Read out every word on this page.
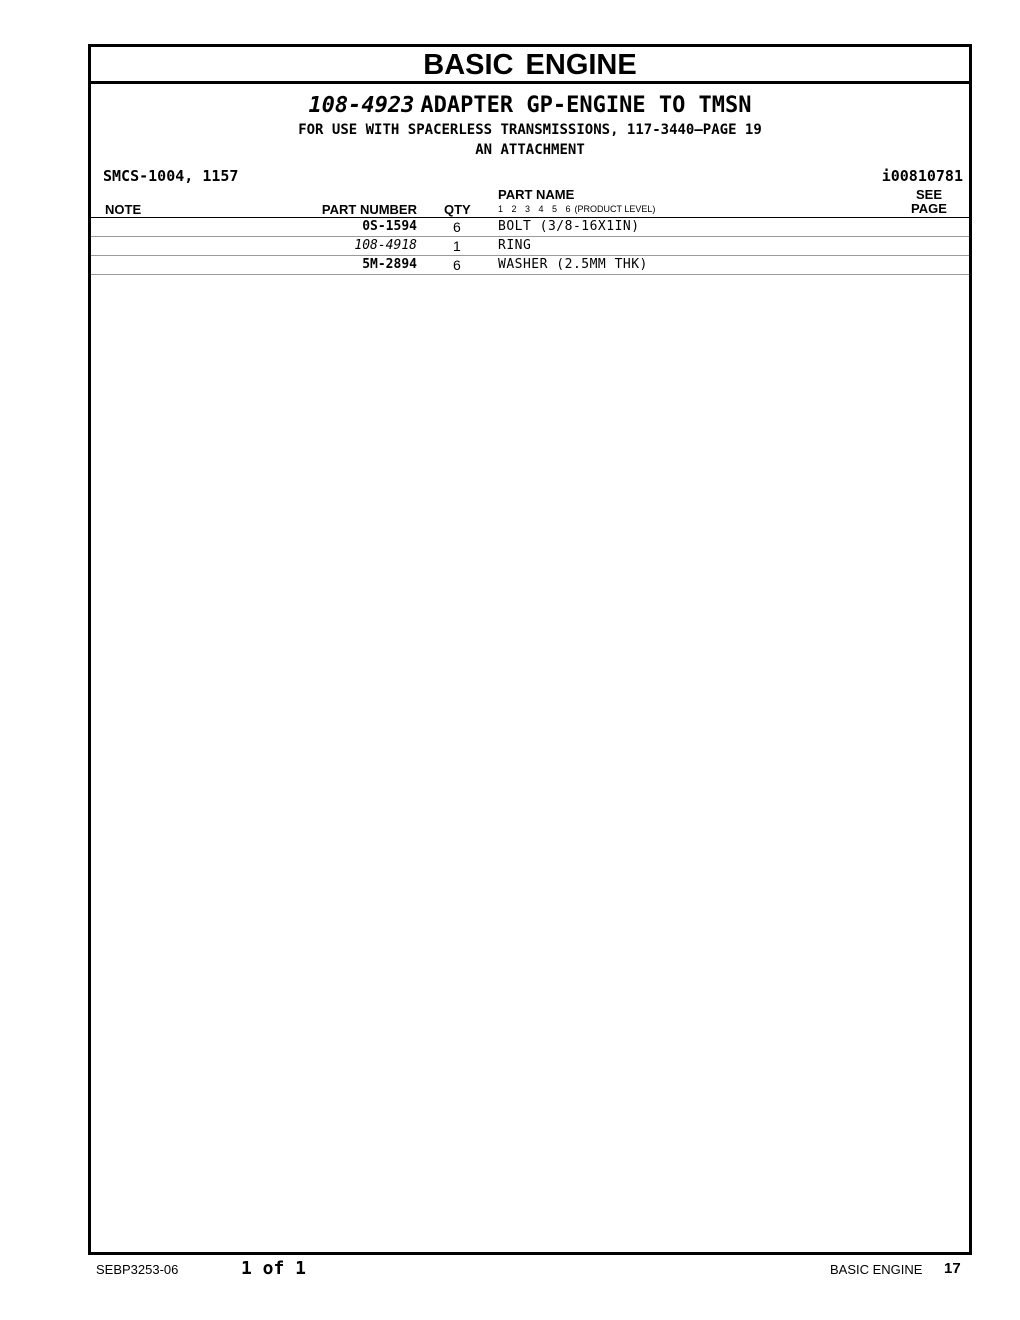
BASIC ENGINE
108-4923 ADAPTER GP-ENGINE TO TMSN
FOR USE WITH SPACERLESS TRANSMISSIONS, 117-3440—PAGE 19
AN ATTACHMENT
SMCS-1004, 1157	i00810781
NOTE	PART NUMBER QTY
PART NAME
1 2 3 4 5 6 (PRODUCT LEVEL)
SEE
PAGE
0S-1594	6	BOLT (3/8-16X1IN)
108-4918	1	RING
5M-2894	6	WASHER (2.5MM THK)
SEBP3253-06	1 of 1	BASIC ENGINE 17
